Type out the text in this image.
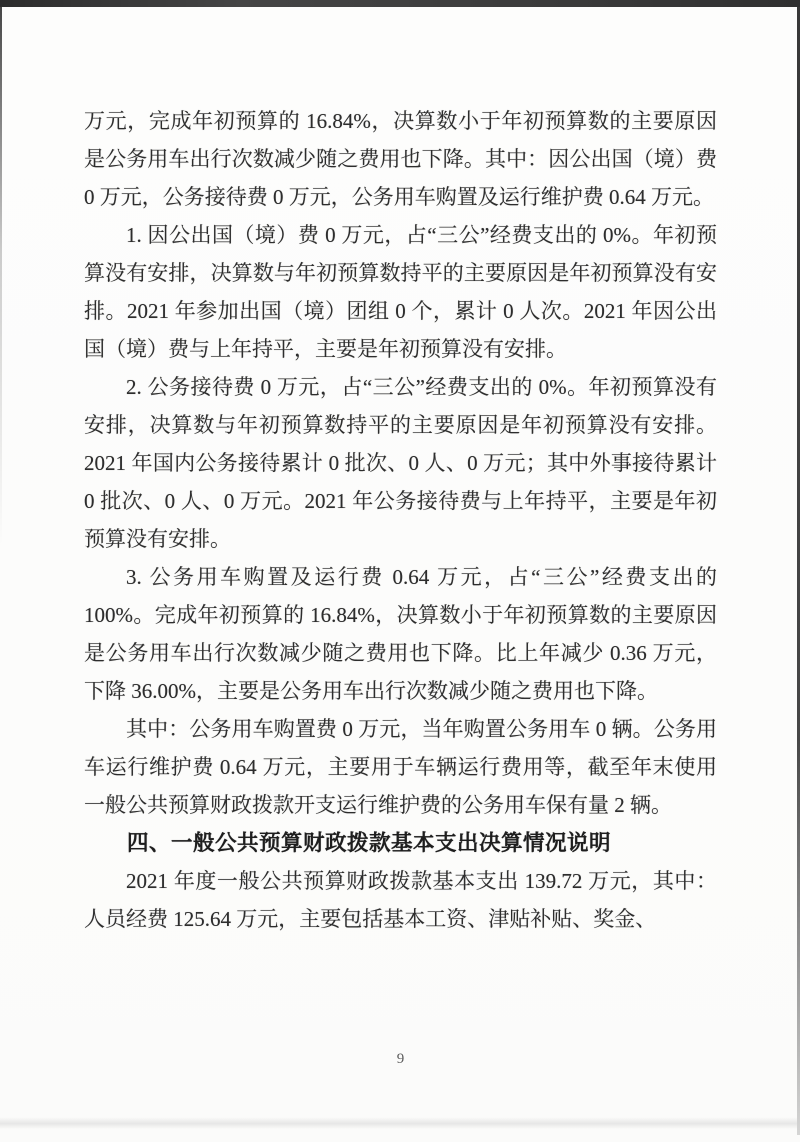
万元，完成年初预算的 16.84%，决算数小于年初预算数的主要原因是公务用车出行次数减少随之费用也下降。其中：因公出国（境）费 0 万元，公务接待费 0 万元，公务用车购置及运行维护费 0.64 万元。

1. 因公出国（境）费 0 万元，占“三公”经费支出的 0%。年初预算没有安排，决算数与年初预算数持平的主要原因是年初预算没有安排。2021 年参加出国（境）团组 0 个，累计 0 人次。2021 年因公出国（境）费与上年持平，主要是年初预算没有安排。

2. 公务接待费 0 万元，占“三公”经费支出的 0%。年初预算没有安排，决算数与年初预算数持平的主要原因是年初预算没有安排。2021 年国内公务接待累计 0 批次、0 人、0 万元；其中外事接待累计 0 批次、0 人、0 万元。2021 年公务接待费与上年持平，主要是年初预算没有安排。

3. 公务用车购置及运行费 0.64 万元，占“三公”经费支出的 100%。完成年初预算的 16.84%，决算数小于年初预算数的主要原因是公务用车出行次数减少随之费用也下降。比上年减少 0.36 万元，下降 36.00%，主要是公务用车出行次数减少随之费用也下降。

其中：公务用车购置费 0 万元，当年购置公务用车 0 辆。公务用车运行维护费 0.64 万元，主要用于车辆运行费用等，截至年末使用一般公共预算财政拨款开支运行维护费的公务用车保有量 2 辆。

四、一般公共预算财政拨款基本支出决算情况说明

2021 年度一般公共预算财政拨款基本支出 139.72 万元，其中：人员经费 125.64 万元，主要包括基本工资、津贴补贴、奖金、

9
